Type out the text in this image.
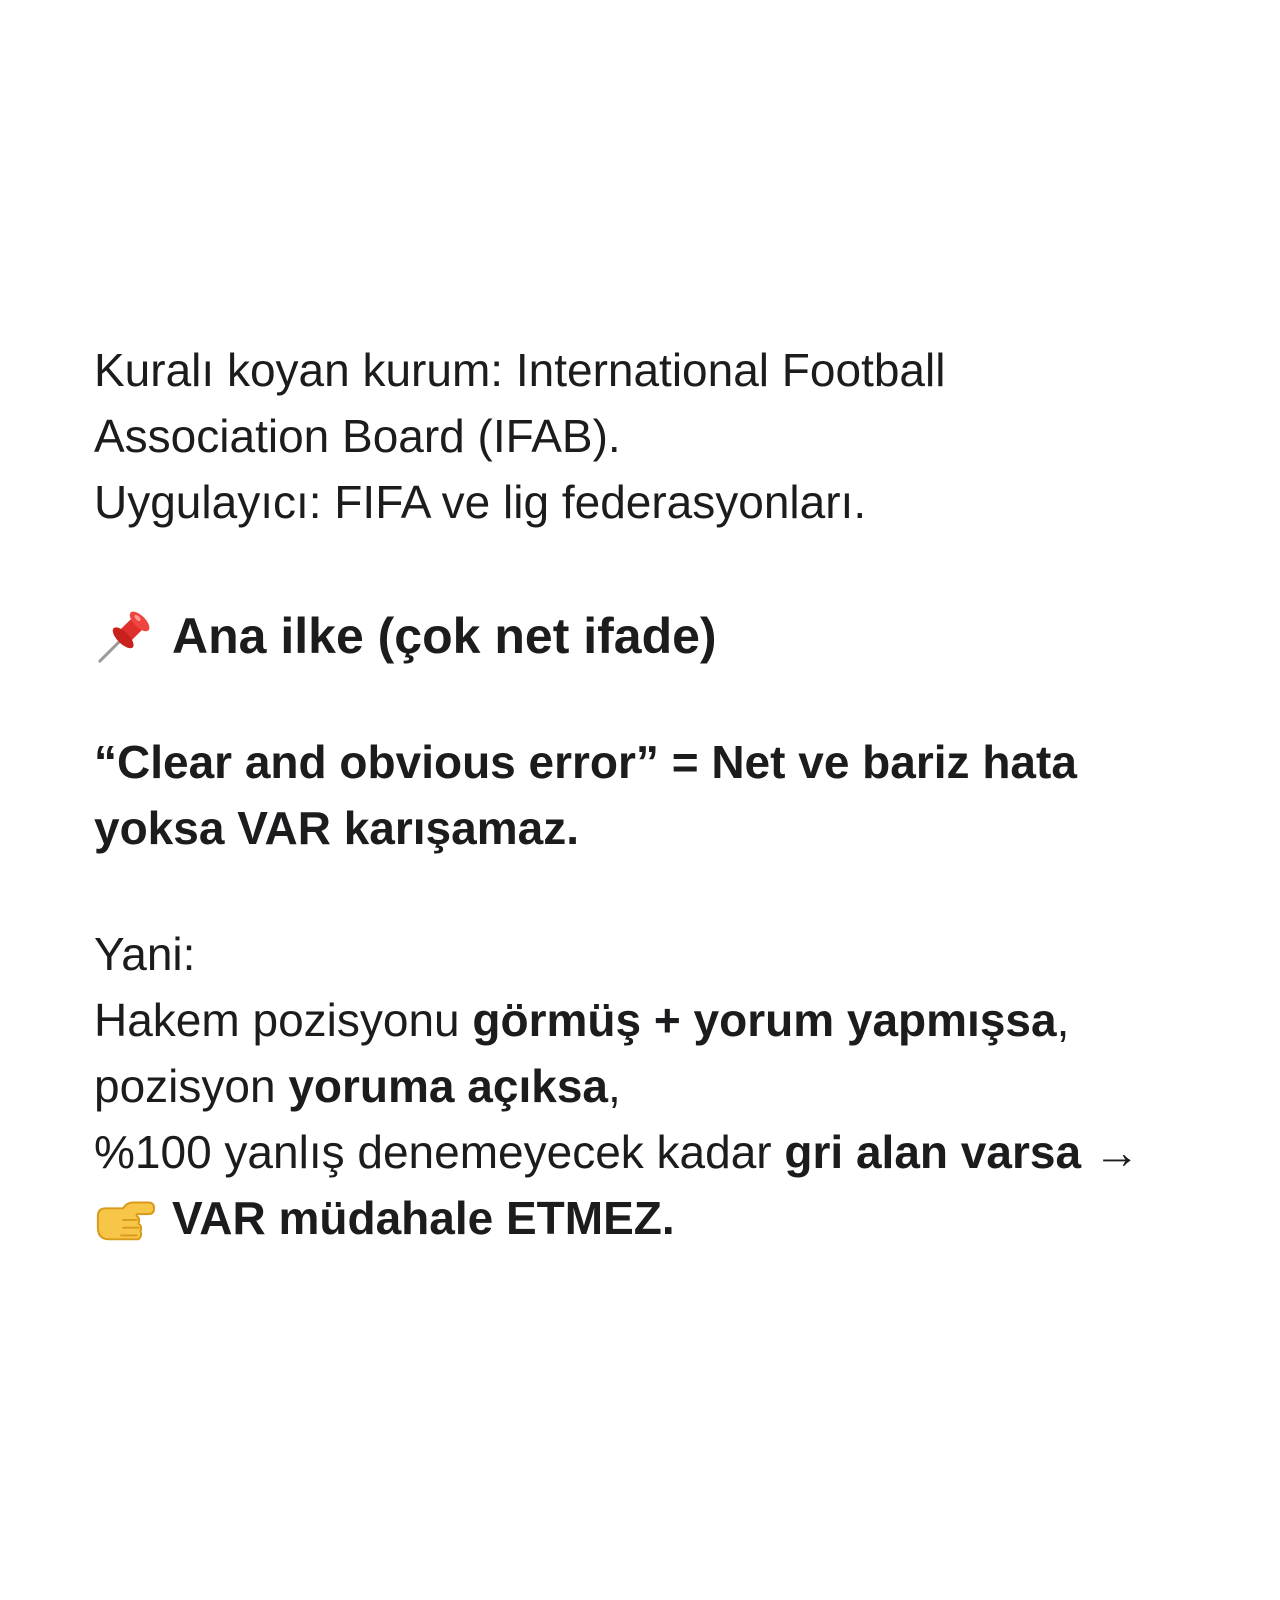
Kuralı koyan kurum: International Football
Association Board (IFAB).
Uygulayıcı: FIFA ve lig federasyonları.
Ana ilke (çok net ifade)
“Clear and obvious error” = Net ve bariz hata
yoksa VAR karışamaz.
Yani:
Hakem pozisyonu görmüş + yorum yapmışsa,
pozisyon yoruma açıksa,
%100 yanlış denemeyecek kadar gri alan varsa →
VAR müdahale ETMEZ.
